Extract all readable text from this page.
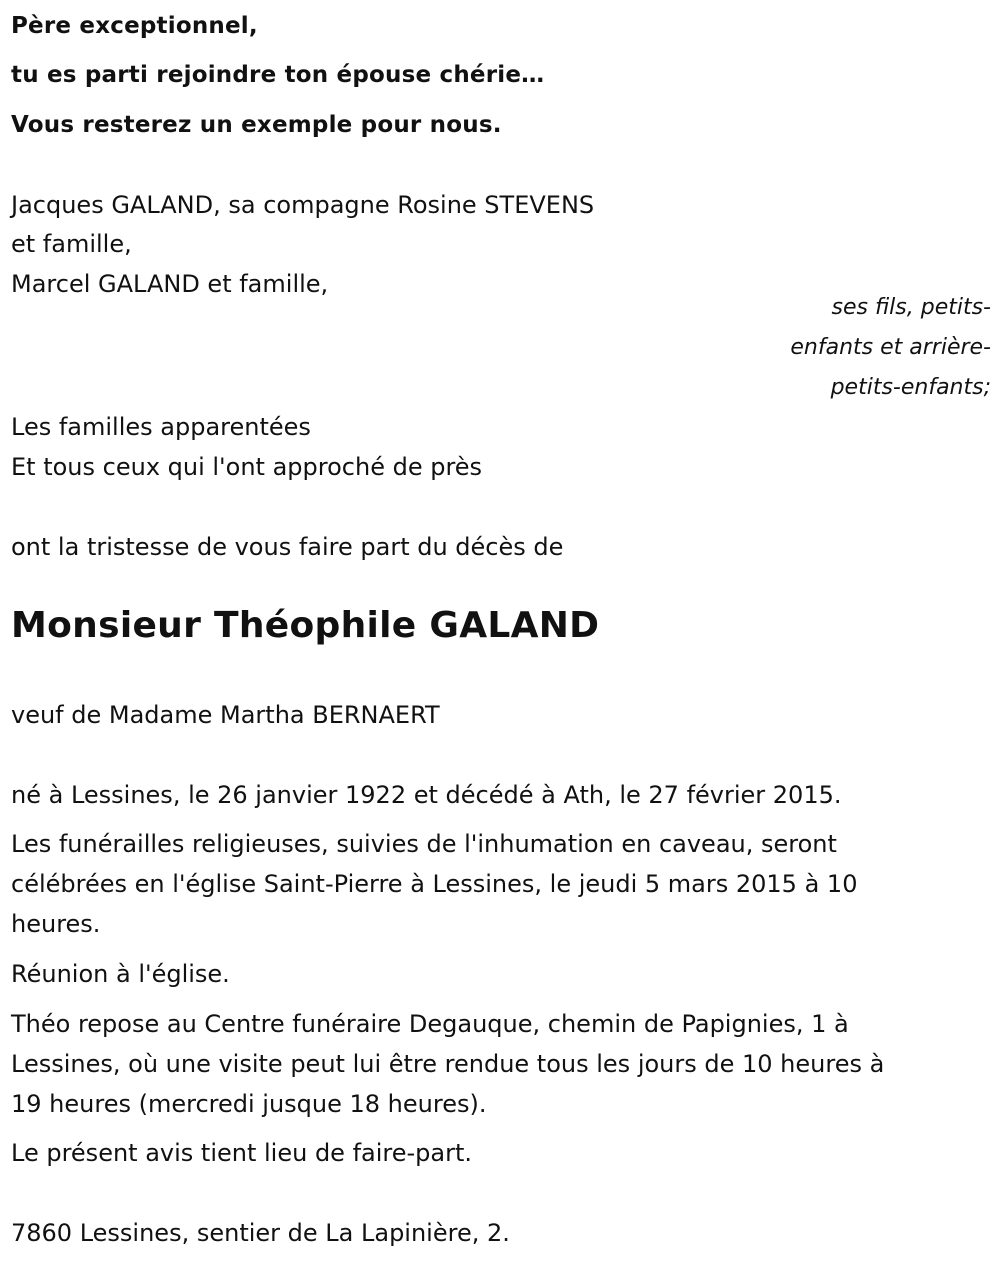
Père exceptionnel,
tu es parti rejoindre ton épouse chérie…
Vous resterez un exemple pour nous.
Jacques GALAND, sa compagne Rosine STEVENS
et famille,
Marcel GALAND et famille,
ses fils, petits-
enfants et arrière-
petits-enfants;
Les familles apparentées
Et tous ceux qui l'ont approché de près
ont la tristesse de vous faire part du décès de
Monsieur Théophile GALAND
veuf de Madame Martha BERNAERT
né à Lessines, le 26 janvier 1922 et décédé à Ath, le 27 février 2015.
Les funérailles religieuses, suivies de l'inhumation en caveau, seront
célébrées en l'église Saint-Pierre à Lessines, le jeudi 5 mars 2015 à 10
heures.
Réunion à l'église.
Théo repose au Centre funéraire Degauque, chemin de Papignies, 1 à
Lessines, où une visite peut lui être rendue tous les jours de 10 heures à
19 heures (mercredi jusque 18 heures).
Le présent avis tient lieu de faire-part.
7860 Lessines, sentier de La Lapinière, 2.
